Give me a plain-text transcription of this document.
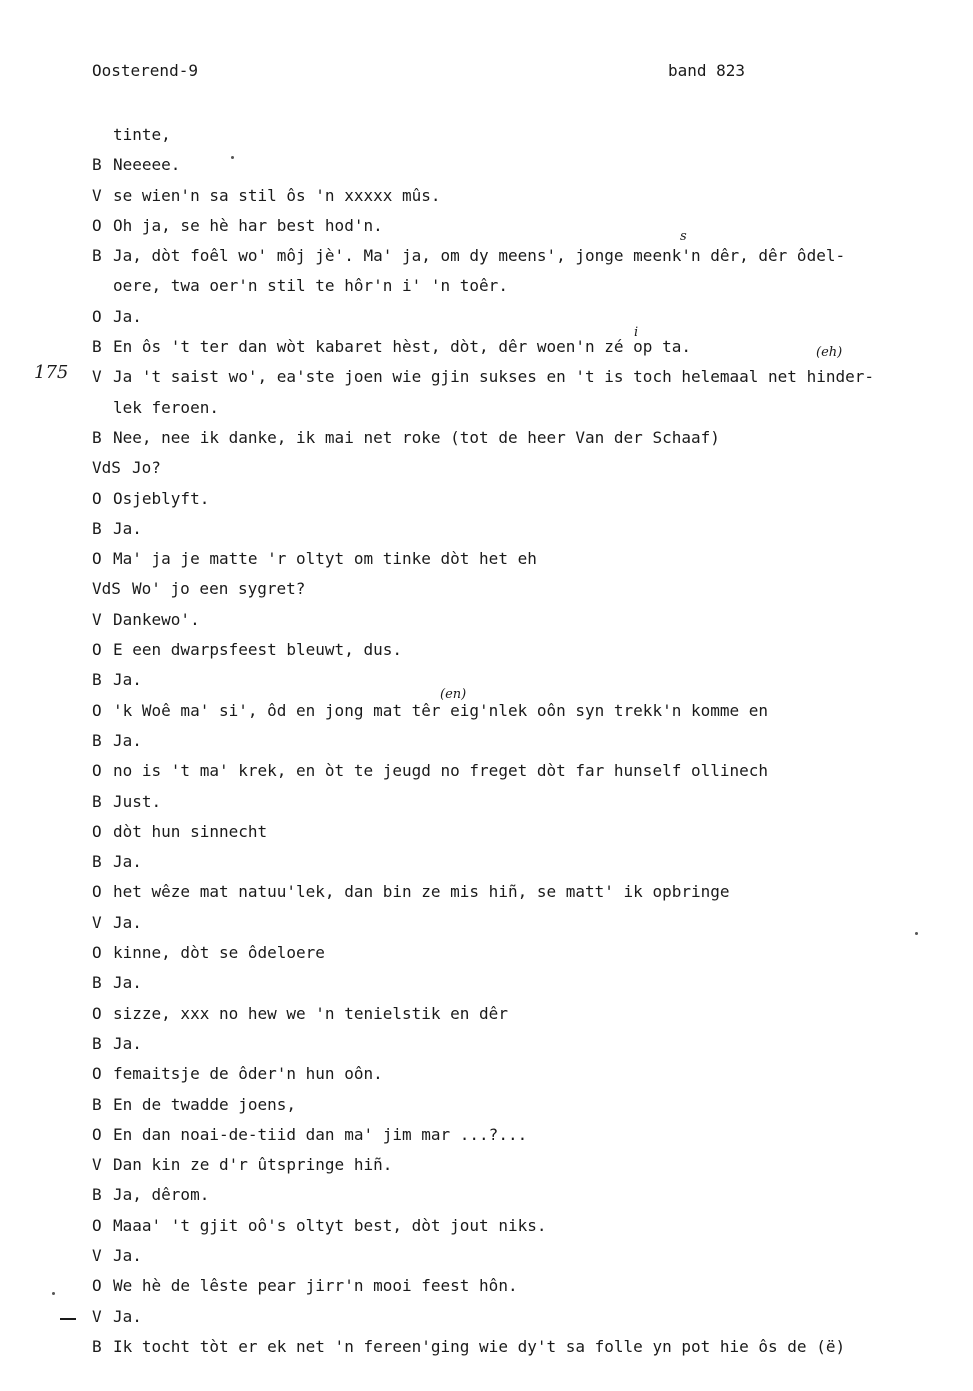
Oosterend-9	band 823
175
s
i
(eh)
(en)
tinte,
B Neeeee.
V se wien'n sa stil ôs 'n xxxxx mûs.
O Oh ja, se hè har best hod'n.
B Ja, dòt foêl wo' môj jè'. Ma' ja, om dy meens', jonge meenk'n dêr, dêr ôdel-
oere, twa oer'n stil te hôr'n i' 'n toêr.
O Ja.
B En ôs 't ter dan wòt kabaret hèst, dòt, dêr woen'n zé op ta.
V Ja 't saist wo', ea'ste joen wie gjin sukses en 't is toch helemaal net hinder-
lek feroen.
B Nee, nee ik danke, ik mai net roke (tot de heer Van der Schaaf)
VdS Jo?
O Osjeblyft.
B Ja.
O Ma' ja je matte 'r oltyt om tinke dòt het eh
VdS Wo' jo een sygret?
V Dankewo'.
O E een dwarpsfeest bleuwt, dus.
B Ja.
O 'k Woê ma' si', ôd en jong mat têr eig'nlek oôn syn trekk'n komme en
B Ja.
O no is 't ma' krek, en òt te jeugd no freget dòt far hunself ollinech
B Just.
O dòt hun sinnecht
B Ja.
O het wêze mat natuu'lek, dan bin ze mis hiñ, se matt' ik opbringe
V Ja.
O kinne, dòt se ôdeloere
B Ja.
O sizze, xxx no hew we 'n tenielstik en dêr
B Ja.
O femaitsje de ôder'n hun oôn.
B En de twadde joens,
O En dan noai-de-tiid dan ma' jim mar ...?...
V Dan kin ze d'r ûtspringe hiñ.
B Ja, dêrom.
O Maaa' 't gjit oô's oltyt best, dòt jout niks.
V Ja.
O We hè de lêste pear jirr'n mooi feest hôn.
V Ja.
B Ik tocht tòt er ek net 'n fereen'ging wie dy't sa folle yn pot hie ôs de (ë)
